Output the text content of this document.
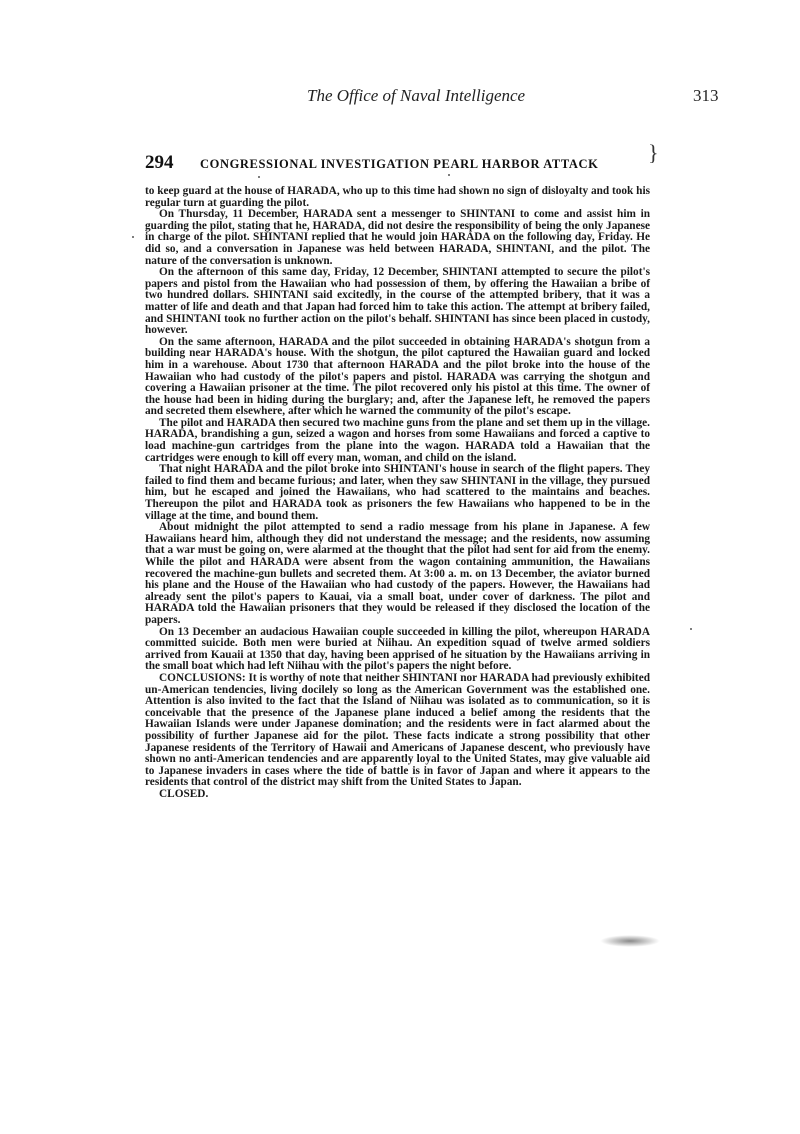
The Office of Naval Intelligence	313
294 CONGRESSIONAL INVESTIGATION PEARL HARBOR ATTACK }

to keep guard at the house of HARADA, who up to this time had shown no sign of disloyalty and took his regular turn at guarding the pilot.

On Thursday, 11 December, HARADA sent a messenger to SHINTANI to come and assist him in guarding the pilot, stating that he, HARADA, did not desire the responsibility of being the only Japanese in charge of the pilot. SHINTANI replied that he would join HARADA on the following day, Friday. He did so, and a conversation in Japanese was held between HARADA, SHINTANI, and the pilot. The nature of the conversation is unknown.

On the afternoon of this same day, Friday, 12 December, SHINTANI attempted to secure the pilot's papers and pistol from the Hawaiian who had possession of them, by offering the Hawaiian a bribe of two hundred dollars. SHINTANI said excitedly, in the course of the attempted bribery, that it was a matter of life and death and that Japan had forced him to take this action. The attempt at bribery failed, and SHINTANI took no further action on the pilot's behalf. SHINTANI has since been placed in custody, however.

On the same afternoon, HARADA and the pilot succeeded in obtaining HARADA's shotgun from a building near HARADA's house. With the shotgun, the pilot captured the Hawaiian guard and locked him in a warehouse. About 1730 that afternoon HARADA and the pilot broke into the house of the Hawaiian who had custody of the pilot's papers and pistol. HARADA was carrying the shotgun and covering a Hawaiian prisoner at the time. The pilot recovered only his pistol at this time. The owner of the house had been in hiding during the burglary; and, after the Japanese left, he removed the papers and secreted them elsewhere, after which he warned the community of the pilot's escape.

The pilot and HARADA then secured two machine guns from the plane and set them up in the village. HARADA, brandishing a gun, seized a wagon and horses from some Hawaiians and forced a captive to load machine-gun cartridges from the plane into the wagon. HARADA told a Hawaiian that the cartridges were enough to kill off every man, woman, and child on the island.

That night HARADA and the pilot broke into SHINTANI's house in search of the flight papers. They failed to find them and became furious; and later, when they saw SHINTANI in the village, they pursued him, but he escaped and joined the Hawaiians, who had scattered to the maintains and beaches. Thereupon the pilot and HARADA took as prisoners the few Hawaiians who happened to be in the village at the time, and bound them.

About midnight the pilot attempted to send a radio message from his plane in Japanese. A few Hawaiians heard him, although they did not understand the message; and the residents, now assuming that a war must be going on, were alarmed at the thought that the pilot had sent for aid from the enemy. While the pilot and HARADA were absent from the wagon containing ammunition, the Hawaiians recovered the machine-gun bullets and secreted them. At 3:00 a. m. on 13 December, the aviator burned his plane and the House of the Hawaiian who had custody of the papers. However, the Hawaiians had already sent the pilot's papers to Kauai, via a small boat, under cover of darkness. The pilot and HARADA told the Hawaiian prisoners that they would be released if they disclosed the location of the papers.

On 13 December an audacious Hawaiian couple succeeded in killing the pilot, whereupon HARADA committed suicide. Both men were buried at Niihau. An expedition squad of twelve armed soldiers arrived from Kauaii at 1350 that day, having been apprised of he situation by the Hawaiians arriving in the small boat which had left Niihau with the pilot's papers the night before.

CONCLUSIONS: It is worthy of note that neither SHINTANI nor HARADA had previously exhibited un-American tendencies, living docilely so long as the American Government was the established one. Attention is also invited to the fact that the Island of Niihau was isolated as to communication, so it is conceivable that the presence of the Japanese plane induced a belief among the residents that the Hawaiian Islands were under Japanese domination; and the residents were in fact alarmed about the possibility of further Japanese aid for the pilot. These facts indicate a strong possibility that other Japanese residents of the Territory of Hawaii and Americans of Japanese descent, who previously have shown no anti-American tendencies and are apparently loyal to the United States, may give valuable aid to Japanese invaders in cases where the tide of battle is in favor of Japan and where it appears to the residents that control of the district may shift from the United States to Japan.

CLOSED.
